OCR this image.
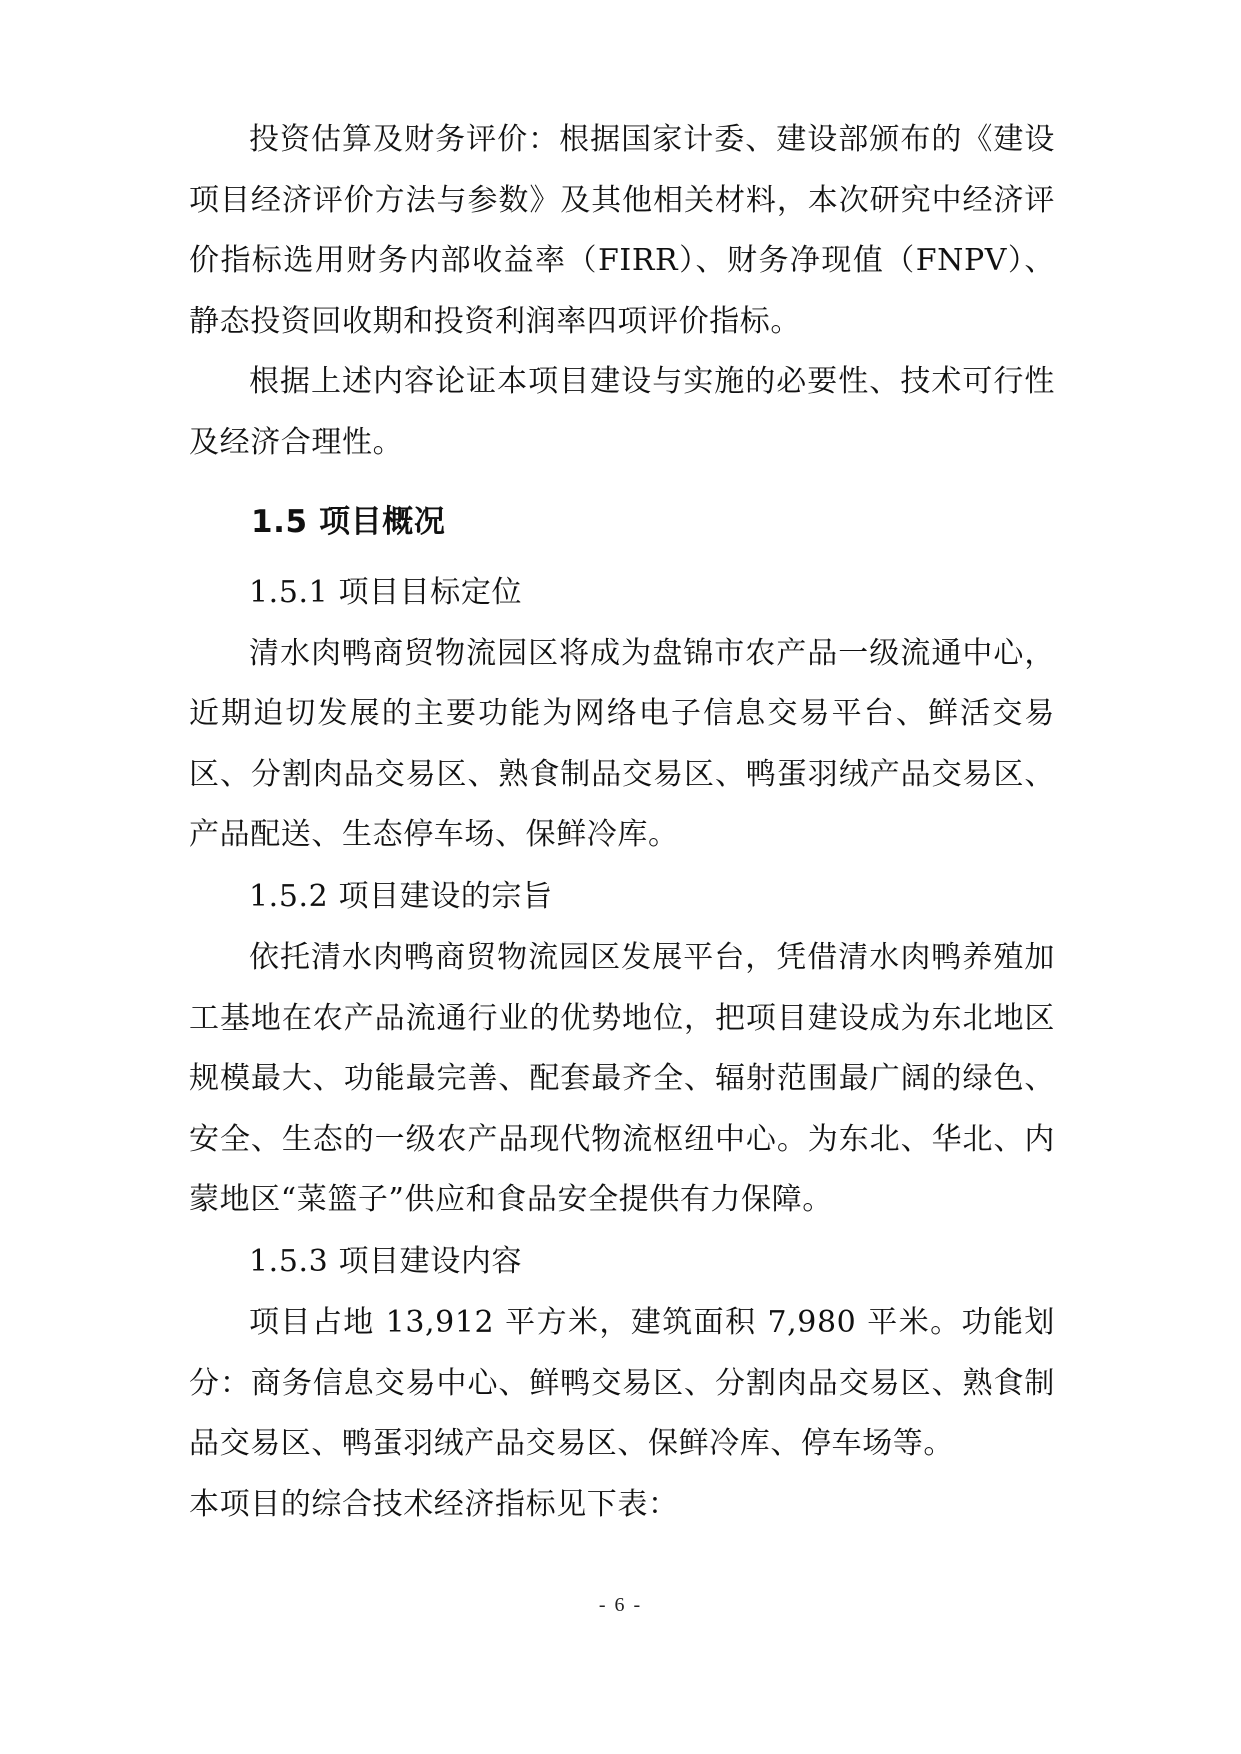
投资估算及财务评价：根据国家计委、建设部颁布的《建设项目经济评价方法与参数》及其他相关材料，本次研究中经济评价指标选用财务内部收益率（FIRR）、财务净现值（FNPV）、静态投资回收期和投资利润率四项评价指标。

根据上述内容论证本项目建设与实施的必要性、技术可行性及经济合理性。

1.5 项目概况
1.5.1 项目目标定位

清水肉鸭商贸物流园区将成为盘锦市农产品一级流通中心，近期迫切发展的主要功能为网络电子信息交易平台、鲜活交易区、分割肉品交易区、熟食制品交易区、鸭蛋羽绒产品交易区、产品配送、生态停车场、保鲜冷库。

1.5.2 项目建设的宗旨

依托清水肉鸭商贸物流园区发展平台，凭借清水肉鸭养殖加工基地在农产品流通行业的优势地位，把项目建设成为东北地区规模最大、功能最完善、配套最齐全、辐射范围最广阔的绿色、安全、生态的一级农产品现代物流枢纽中心。为东北、华北、内蒙地区“菜篮子”供应和食品安全提供有力保障。

1.5.3 项目建设内容

项目占地 13,912 平方米，建筑面积 7,980 平米。功能划分：商务信息交易中心、鲜鸭交易区、分割肉品交易区、熟食制品交易区、鸭蛋羽绒产品交易区、保鲜冷库、停车场等。

本项目的综合技术经济指标见下表：

- 6 -
